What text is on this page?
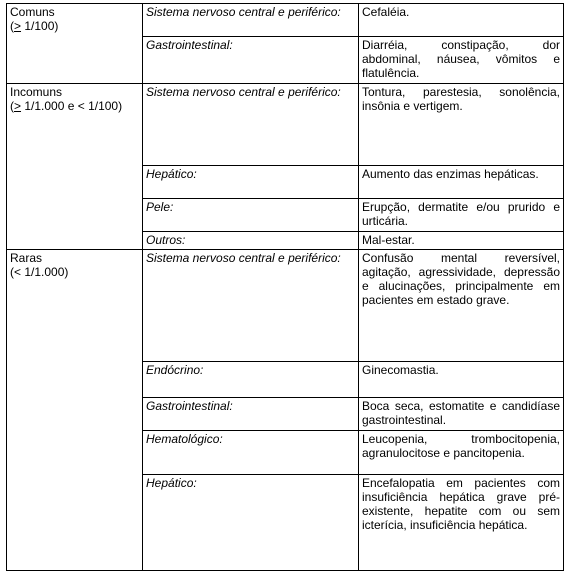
Comuns
(> 1/100)	Sistema nervoso central e periférico:	Cefaléia.
	Gastrointestinal:	Diarréia, constipação, dor abdominal, náusea, vômitos e flatulência.

Incomuns
(> 1/1.000 e < 1/100)	Sistema nervoso central e periférico:	Tontura, parestesia, sonolência, insônia e vertigem.
	Hepático:	Aumento das enzimas hepáticas.
	Pele:	Erupção, dermatite e/ou prurido e urticária.
	Outros:	Mal-estar.

Raras
(< 1/1.000)	Sistema nervoso central e periférico:	Confusão mental reversível, agitação, agressividade, depressão e alucinações, principalmente em pacientes em estado grave.
	Endócrino:	Ginecomastia.
	Gastrointestinal:	Boca seca, estomatite e candidíase gastrointestinal.
	Hematológico:	Leucopenia, trombocitopenia, agranulocitose e pancitopenia.
	Hepático:	Encefalopatia em pacientes com insuficiência hepática grave pré-existente, hepatite com ou sem icterícia, insuficiência hepática.
